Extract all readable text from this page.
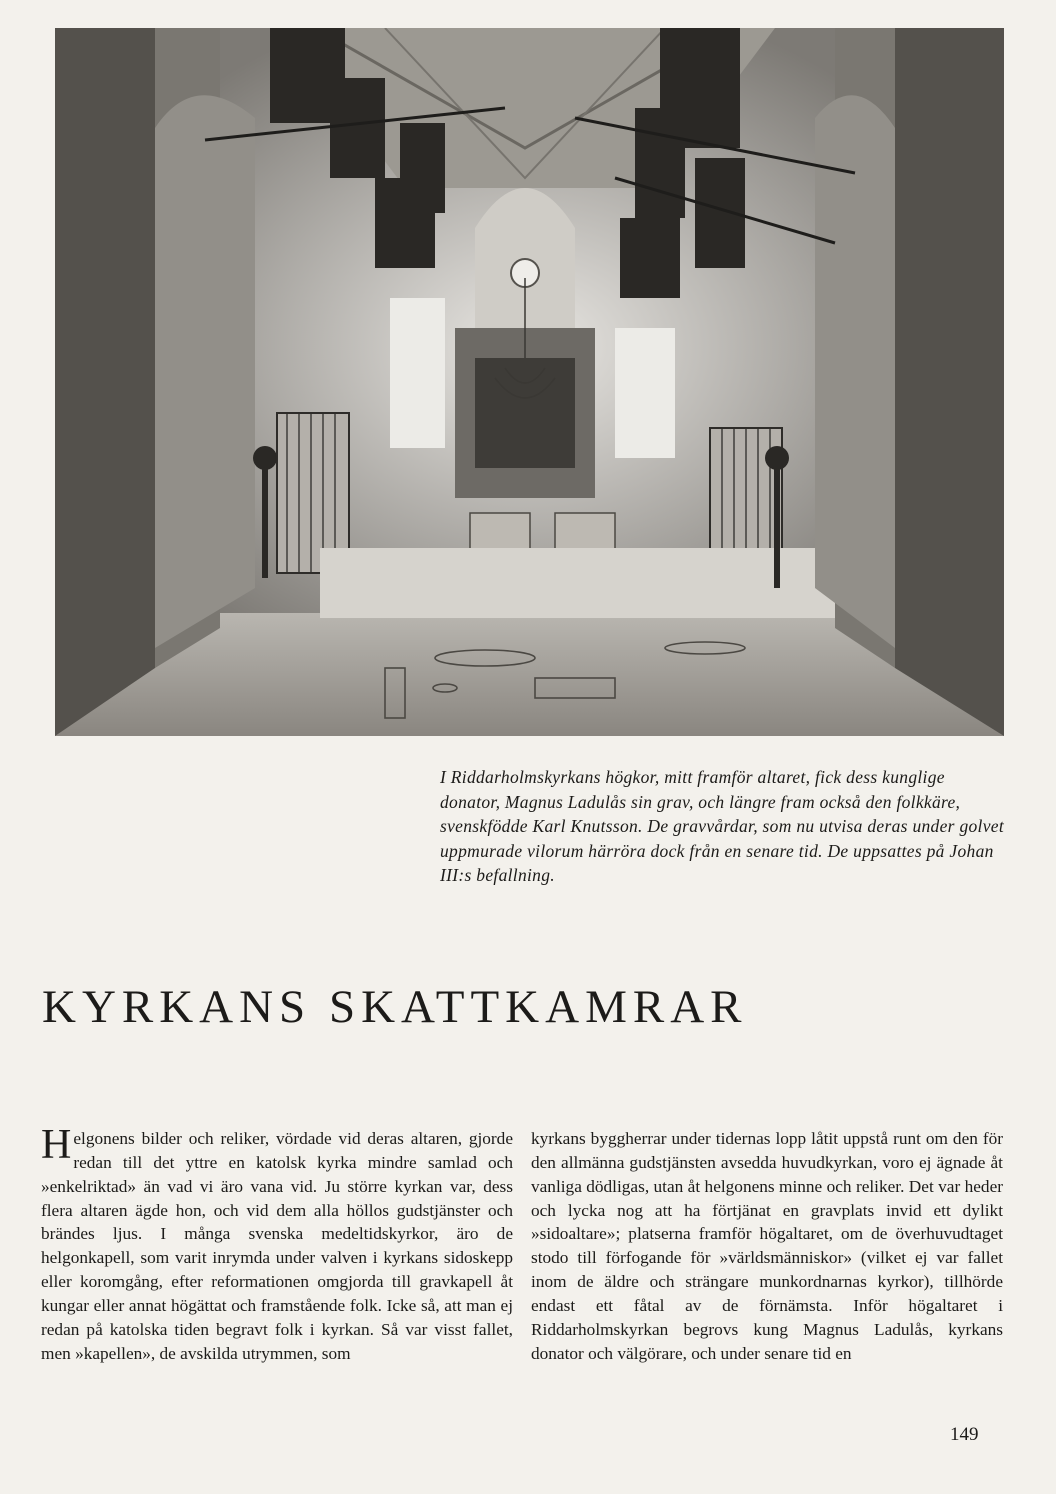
I Riddarholmskyrkans högkor, mitt framför altaret, fick dess kunglige donator, Magnus Ladulås sin grav, och längre fram också den folkkäre, svenskfödde Karl Knutsson. De gravvårdar, som nu utvisa deras under golvet uppmurade vilorum härröra dock från en senare tid. De uppsattes på Johan III:s befallning.

KYRKANS SKATTKAMRAR

Helgonens bilder och reliker, vördade vid deras altaren, gjorde redan till det yttre en katolsk kyrka mindre samlad och »enkelriktad» än vad vi äro vana vid. Ju större kyrkan var, dess flera altaren ägde hon, och vid dem alla höllos gudstjänster och brändes ljus. I många svenska medeltidskyrkor, äro de helgonkapell, som varit inrymda under valven i kyrkans sidoskepp eller koromgång, efter reformationen omgjorda till gravkapell åt kungar eller annat högättat och framstående folk. Icke så, att man ej redan på katolska tiden begravt folk i kyrkan. Så var visst fallet, men »kapellen», de avskilda utrymmen, som

kyrkans byggherrar under tidernas lopp låtit uppstå runt om den för den allmänna gudstjänsten avsedda huvudkyrkan, voro ej ägnade åt vanliga dödligas, utan åt helgonens minne och reliker. Det var heder och lycka nog att ha förtjänat en gravplats invid ett dylikt »sidoaltare»; platserna framför högaltaret, om de överhuvudtaget stodo till förfogande för »världsmänniskor» (vilket ej var fallet inom de äldre och strängare munkordnarnas kyrkor), tillhörde endast ett fåtal av de förnämsta. Inför högaltaret i Riddarholmskyrkan begrovs kung Magnus Ladulås, kyrkans donator och välgörare, och under senare tid en

149
